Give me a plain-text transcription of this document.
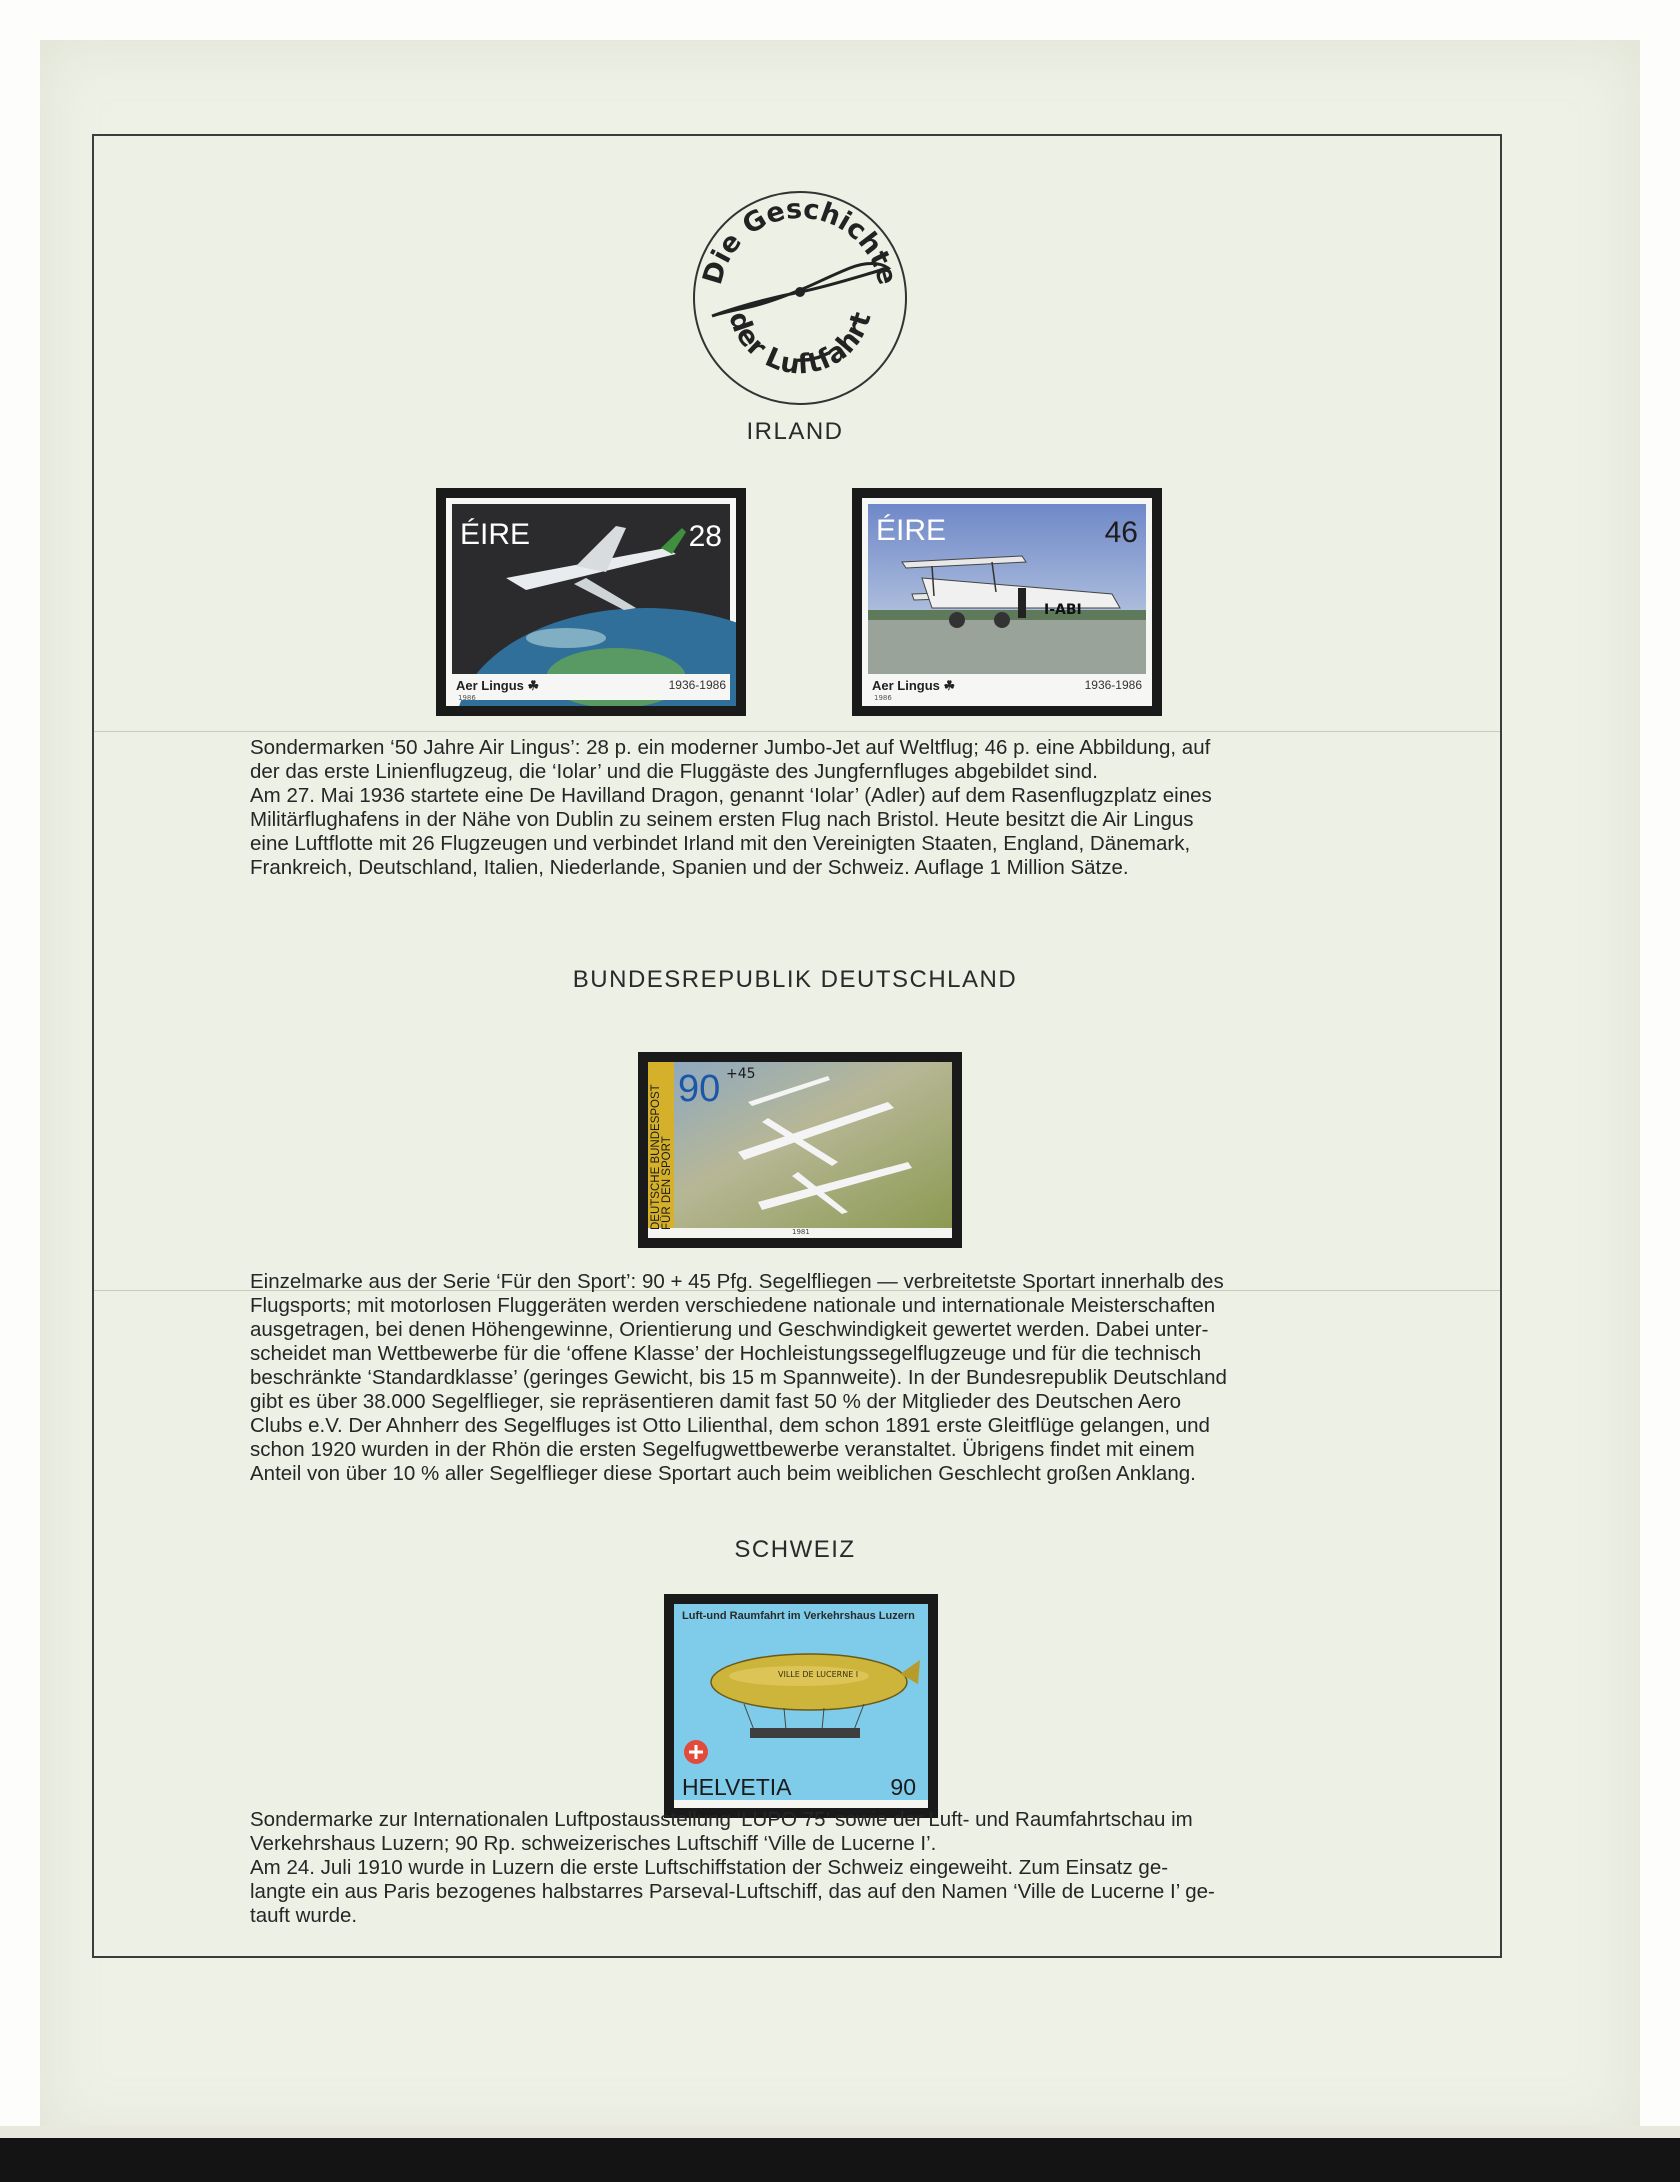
Die Geschichte
der Luftfahrt
IRLAND
ÉIRE	28
Aer Lingus ☘	1936-1986
1986
ÉIRE	46
I-ABI
Aer Lingus ☘	1936-1986
1986
Sondermarken ‘50 Jahre Air Lingus’: 28 p. ein moderner Jumbo-Jet auf Weltflug; 46 p. eine Abbildung, auf
der das erste Linienflugzeug, die ‘Iolar’ und die Fluggäste des Jungfernfluges abgebildet sind.
Am 27. Mai 1936 startete eine De Havilland Dragon, genannt ‘Iolar’ (Adler) auf dem Rasenflugzplatz eines
Militärflughafens in der Nähe von Dublin zu seinem ersten Flug nach Bristol. Heute besitzt die Air Lingus
eine Luftflotte mit 26 Flugzeugen und verbindet Irland mit den Vereinigten Staaten, England, Dänemark,
Frankreich, Deutschland, Italien, Niederlande, Spanien und der Schweiz. Auflage 1 Million Sätze.
BUNDESREPUBLIK DEUTSCHLAND
90 +45
DEUTSCHE BUNDESPOST FÜR DEN SPORT
1981
Einzelmarke aus der Serie ‘Für den Sport’: 90 + 45 Pfg. Segelfliegen — verbreitetste Sportart innerhalb des
Flugsports; mit motorlosen Fluggeräten werden verschiedene nationale und internationale Meisterschaften
ausgetragen, bei denen Höhengewinne, Orientierung und Geschwindigkeit gewertet werden. Dabei unter-
scheidet man Wettbewerbe für die ‘offene Klasse’ der Hochleistungssegelflugzeuge und für die technisch
beschränkte ‘Standardklasse’ (geringes Gewicht, bis 15 m Spannweite). In der Bundesrepublik Deutschland
gibt es über 38.000 Segelflieger, sie repräsentieren damit fast 50 % der Mitglieder des Deutschen Aero
Clubs e.V. Der Ahnherr des Segelfluges ist Otto Lilienthal, dem schon 1891 erste Gleitflüge gelangen, und
schon 1920 wurden in der Rhön die ersten Segelfugwettbewerbe veranstaltet. Übrigens findet mit einem
Anteil von über 10 % aller Segelflieger diese Sportart auch beim weiblichen Geschlecht großen Anklang.
SCHWEIZ
Luft-und Raumfahrt im Verkehrshaus Luzern
VILLE DE LUCERNE I
HELVETIA	90
Sondermarke zur Internationalen Luftpostausstellung ‘LUPO 75’ sowie der Luft- und Raumfahrtschau im
Verkehrshaus Luzern; 90 Rp. schweizerisches Luftschiff ‘Ville de Lucerne I’.
Am 24. Juli 1910 wurde in Luzern die erste Luftschiffstation der Schweiz eingeweiht. Zum Einsatz ge-
langte ein aus Paris bezogenes halbstarres Parseval-Luftschiff, das auf den Namen ‘Ville de Lucerne I’ ge-
tauft wurde.
